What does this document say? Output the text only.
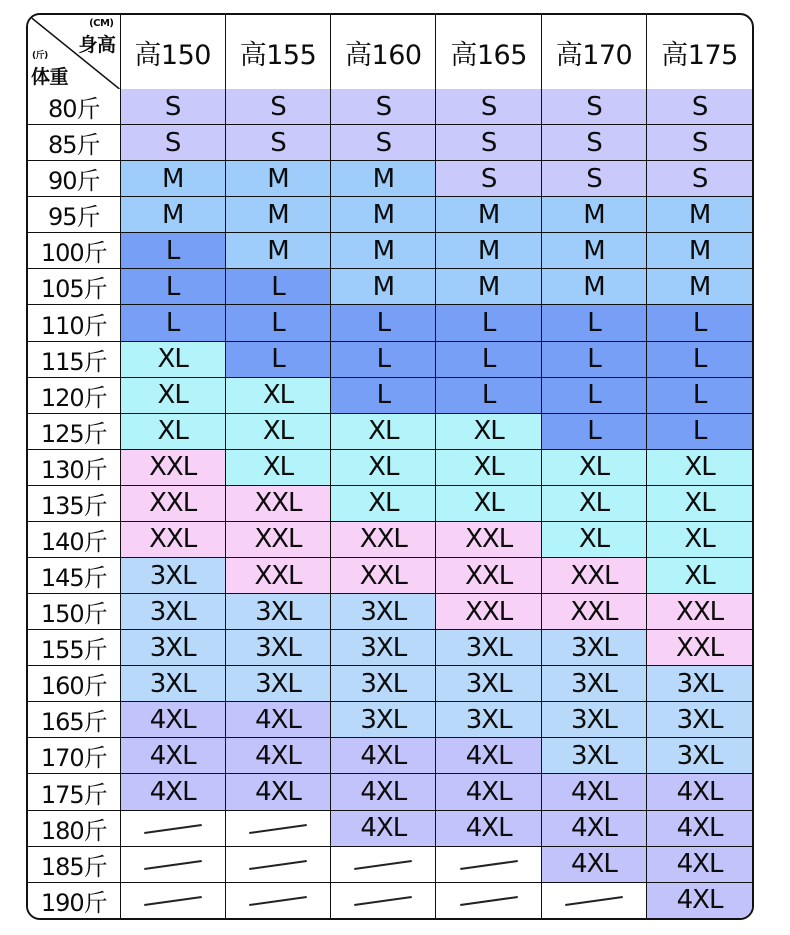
(CM)
身高
(斤)
体重	高150	高155	高160	高165	高170	高175
80斤	S	S	S	S	S	S
85斤	S	S	S	S	S	S
90斤	M	M	M	S	S	S
95斤	M	M	M	M	M	M
100斤	L	M	M	M	M	M
105斤	L	L	M	M	M	M
110斤	L	L	L	L	L	L
115斤	XL	L	L	L	L	L
120斤	XL	XL	L	L	L	L
125斤	XL	XL	XL	XL	L	L
130斤	XXL	XL	XL	XL	XL	XL
135斤	XXL	XXL	XL	XL	XL	XL
140斤	XXL	XXL	XXL	XXL	XL	XL
145斤	3XL	XXL	XXL	XXL	XXL	XL
150斤	3XL	3XL	3XL	XXL	XXL	XXL
155斤	3XL	3XL	3XL	3XL	3XL	XXL
160斤	3XL	3XL	3XL	3XL	3XL	3XL
165斤	4XL	4XL	3XL	3XL	3XL	3XL
170斤	4XL	4XL	4XL	4XL	3XL	3XL
175斤	4XL	4XL	4XL	4XL	4XL	4XL
180斤			4XL	4XL	4XL	4XL
185斤					4XL	4XL
190斤						4XL
